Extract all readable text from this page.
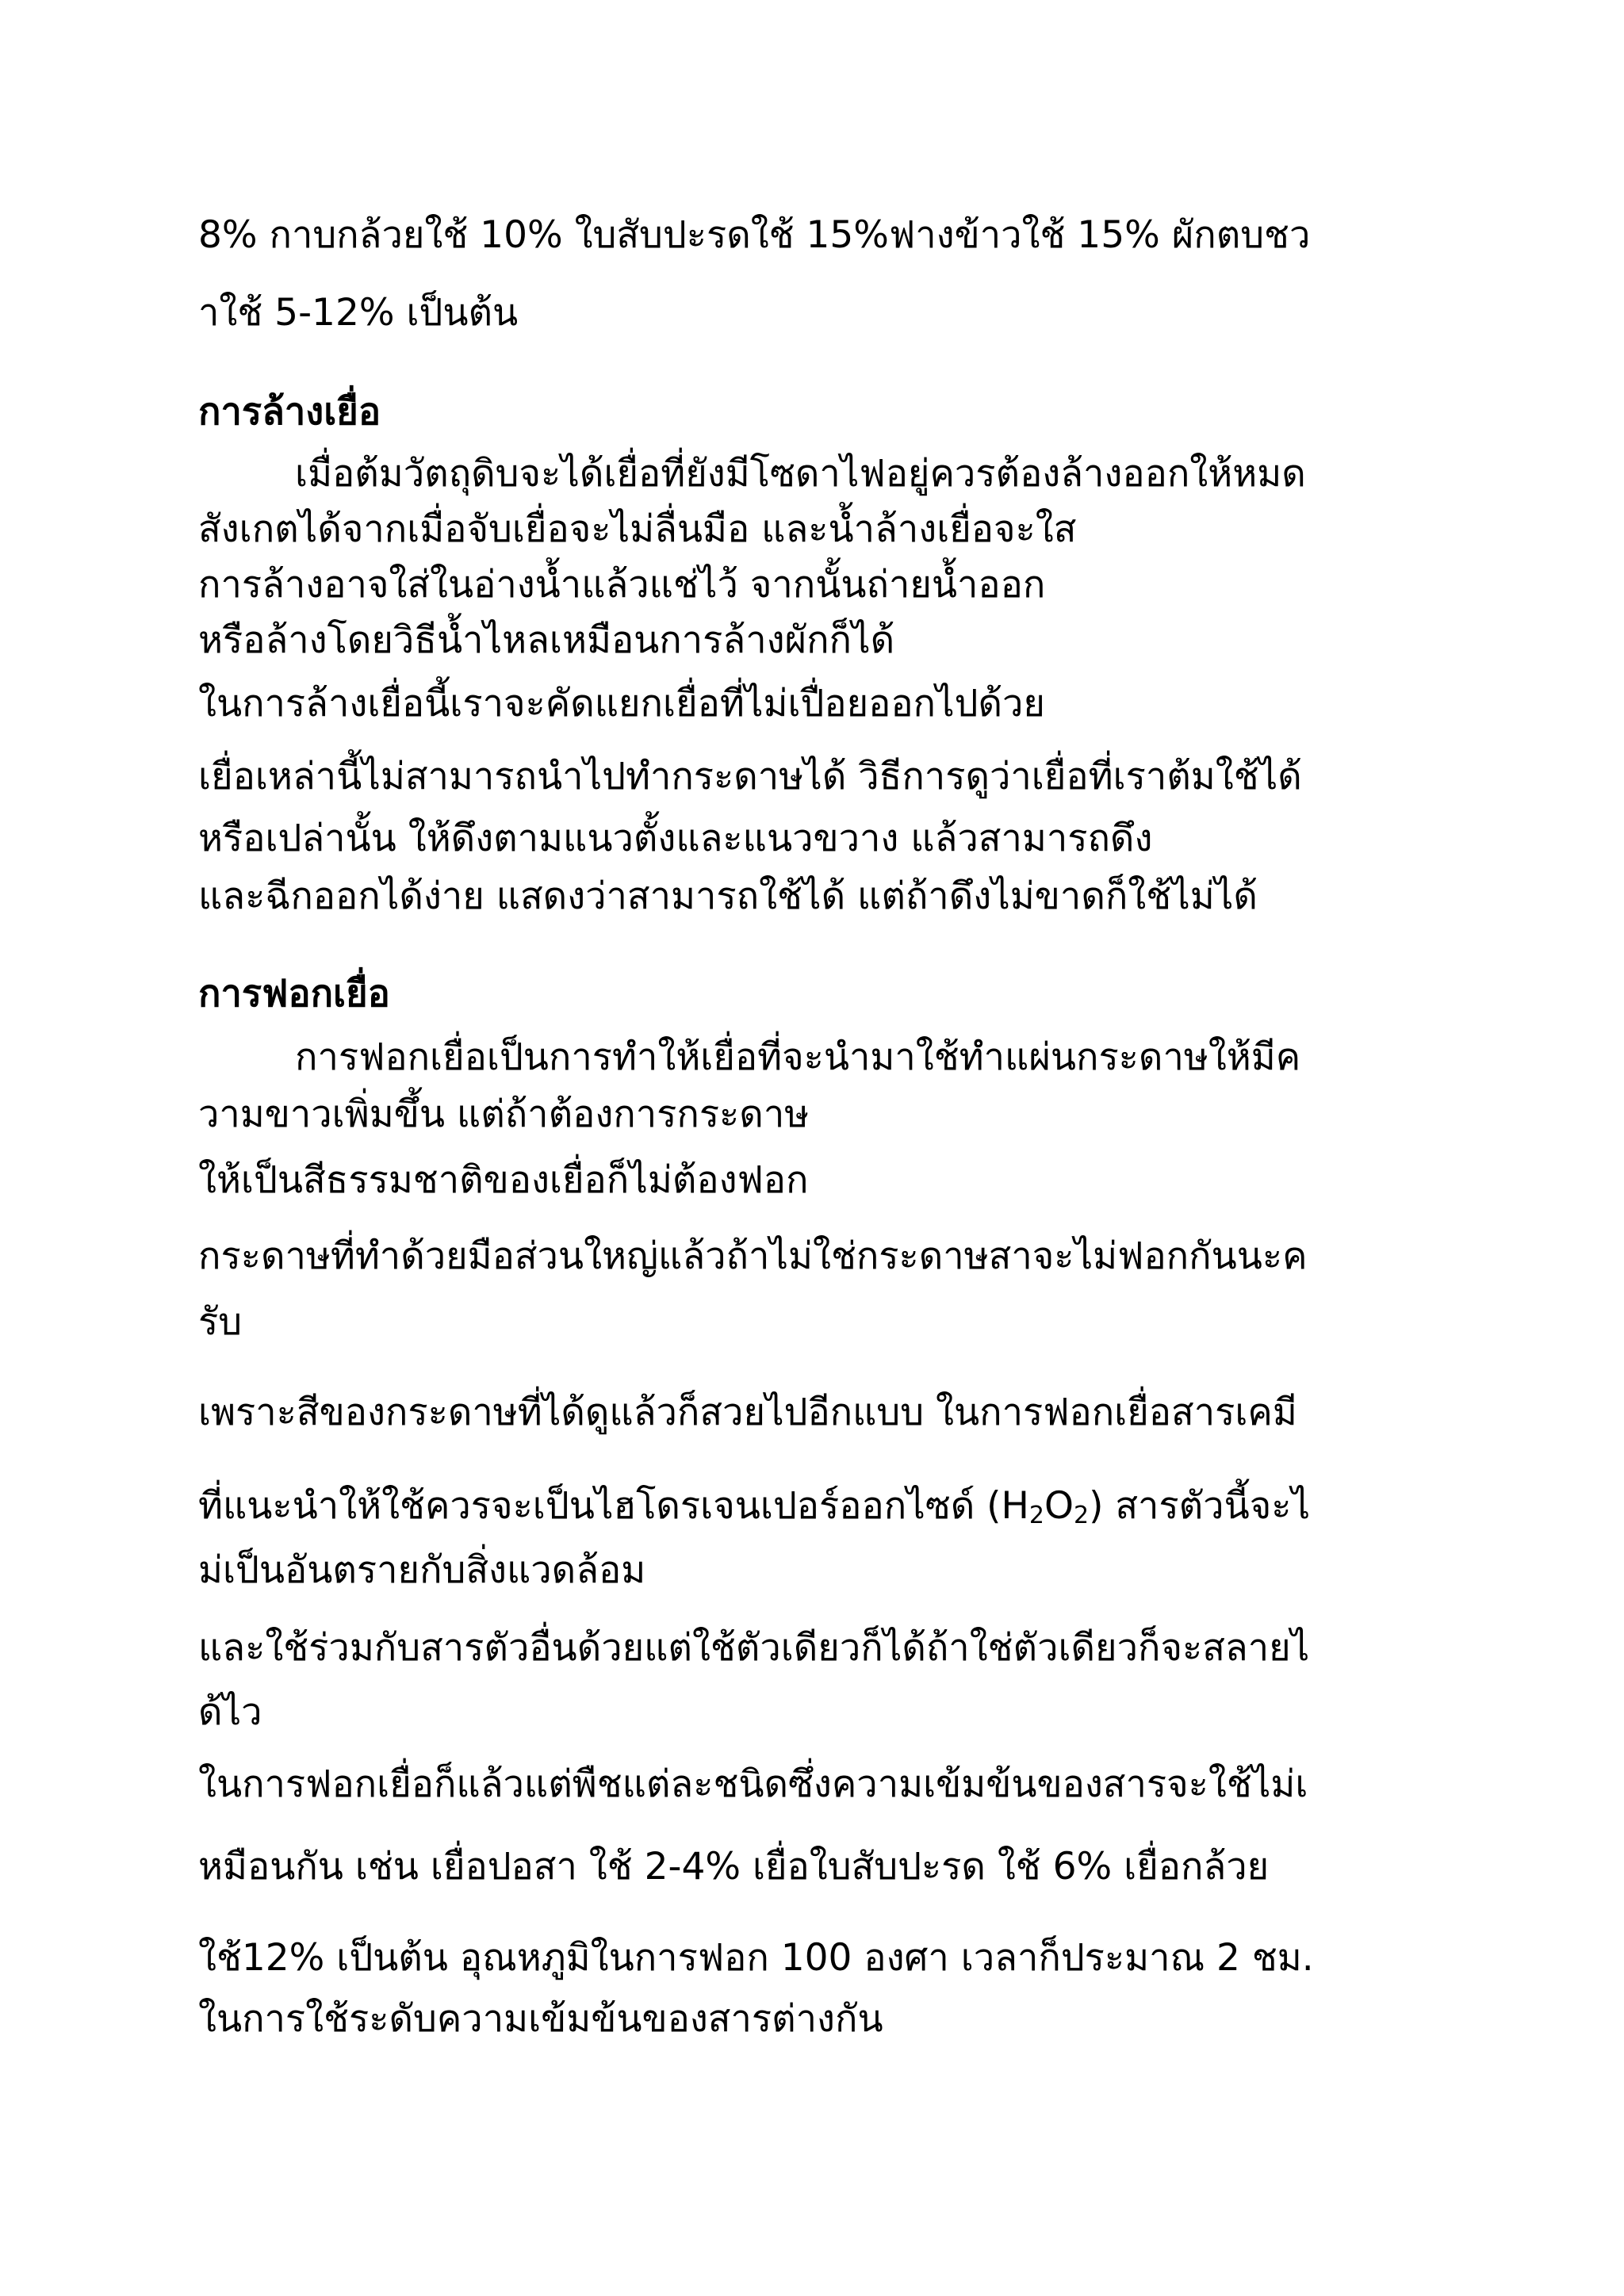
8% กาบกล้วยใช้ 10% ใบสับปะรดใช้ 15%ฟางข้าวใช้ 15% ผักตบชว
าใช้ 5-12% เป็นต้น
การล้างเยื่อ
เมื่อต้มวัตถุดิบจะได้เยื่อที่ยังมีโซดาไฟอยู่ควรต้องล้างออกให้หมด
สังเกตได้จากเมื่อจับเยื่อจะไม่ลื่นมือ และน้ำล้างเยื่อจะใส
การล้างอาจใส่ในอ่างน้ำแล้วแช่ไว้ จากนั้นถ่ายน้ำออก
หรือล้างโดยวิธีน้ำไหลเหมือนการล้างผักก็ได้
ในการล้างเยื่อนี้เราจะคัดแยกเยื่อที่ไม่เปื่อยออกไปด้วย
เยื่อเหล่านี้ไม่สามารถนำไปทำกระดาษได้ วิธีการดูว่าเยื่อที่เราต้มใช้ได้
หรือเปล่านั้น ให้ดึงตามแนวตั้งและแนวขวาง แล้วสามารถดึง
และฉีกออกได้ง่าย แสดงว่าสามารถใช้ได้ แต่ถ้าดึงไม่ขาดก็ใช้ไม่ได้
การฟอกเยื่อ
การฟอกเยื่อเป็นการทำให้เยื่อที่จะนำมาใช้ทำแผ่นกระดาษให้มีค
วามขาวเพิ่มขึ้น แต่ถ้าต้องการกระดาษ
ให้เป็นสีธรรมชาติของเยื่อก็ไม่ต้องฟอก
กระดาษที่ทำด้วยมือส่วนใหญ่แล้วถ้าไม่ใช่กระดาษสาจะไม่ฟอกกันนะค
รับ
เพราะสีของกระดาษที่ได้ดูแล้วก็สวยไปอีกแบบ ในการฟอกเยื่อสารเคมี
ที่แนะนำให้ใช้ควรจะเป็นไฮโดรเจนเปอร์ออกไซด์ $(H_2O_2)$ สารตัวนี้จะไ
ม่เป็นอันตรายกับสิ่งแวดล้อม
และใช้ร่วมกับสารตัวอื่นด้วยแต่ใช้ตัวเดียวก็ได้ถ้าใช่ตัวเดียวก็จะสลายไ
ด้ไว
ในการฟอกเยื่อก็แล้วแต่พืชแต่ละชนิดซึ่งความเข้มข้นของสารจะใช้ไม่เ
หมือนกัน เช่น เยื่อปอสา ใช้ 2-4% เยื่อใบสับปะรด ใช้ 6% เยื่อกล้วย
ใช้12% เป็นต้น อุณหภูมิในการฟอก 100 องศา เวลาก็ประมาณ 2 ชม.
ในการใช้ระดับความเข้มข้นของสารต่างกัน
